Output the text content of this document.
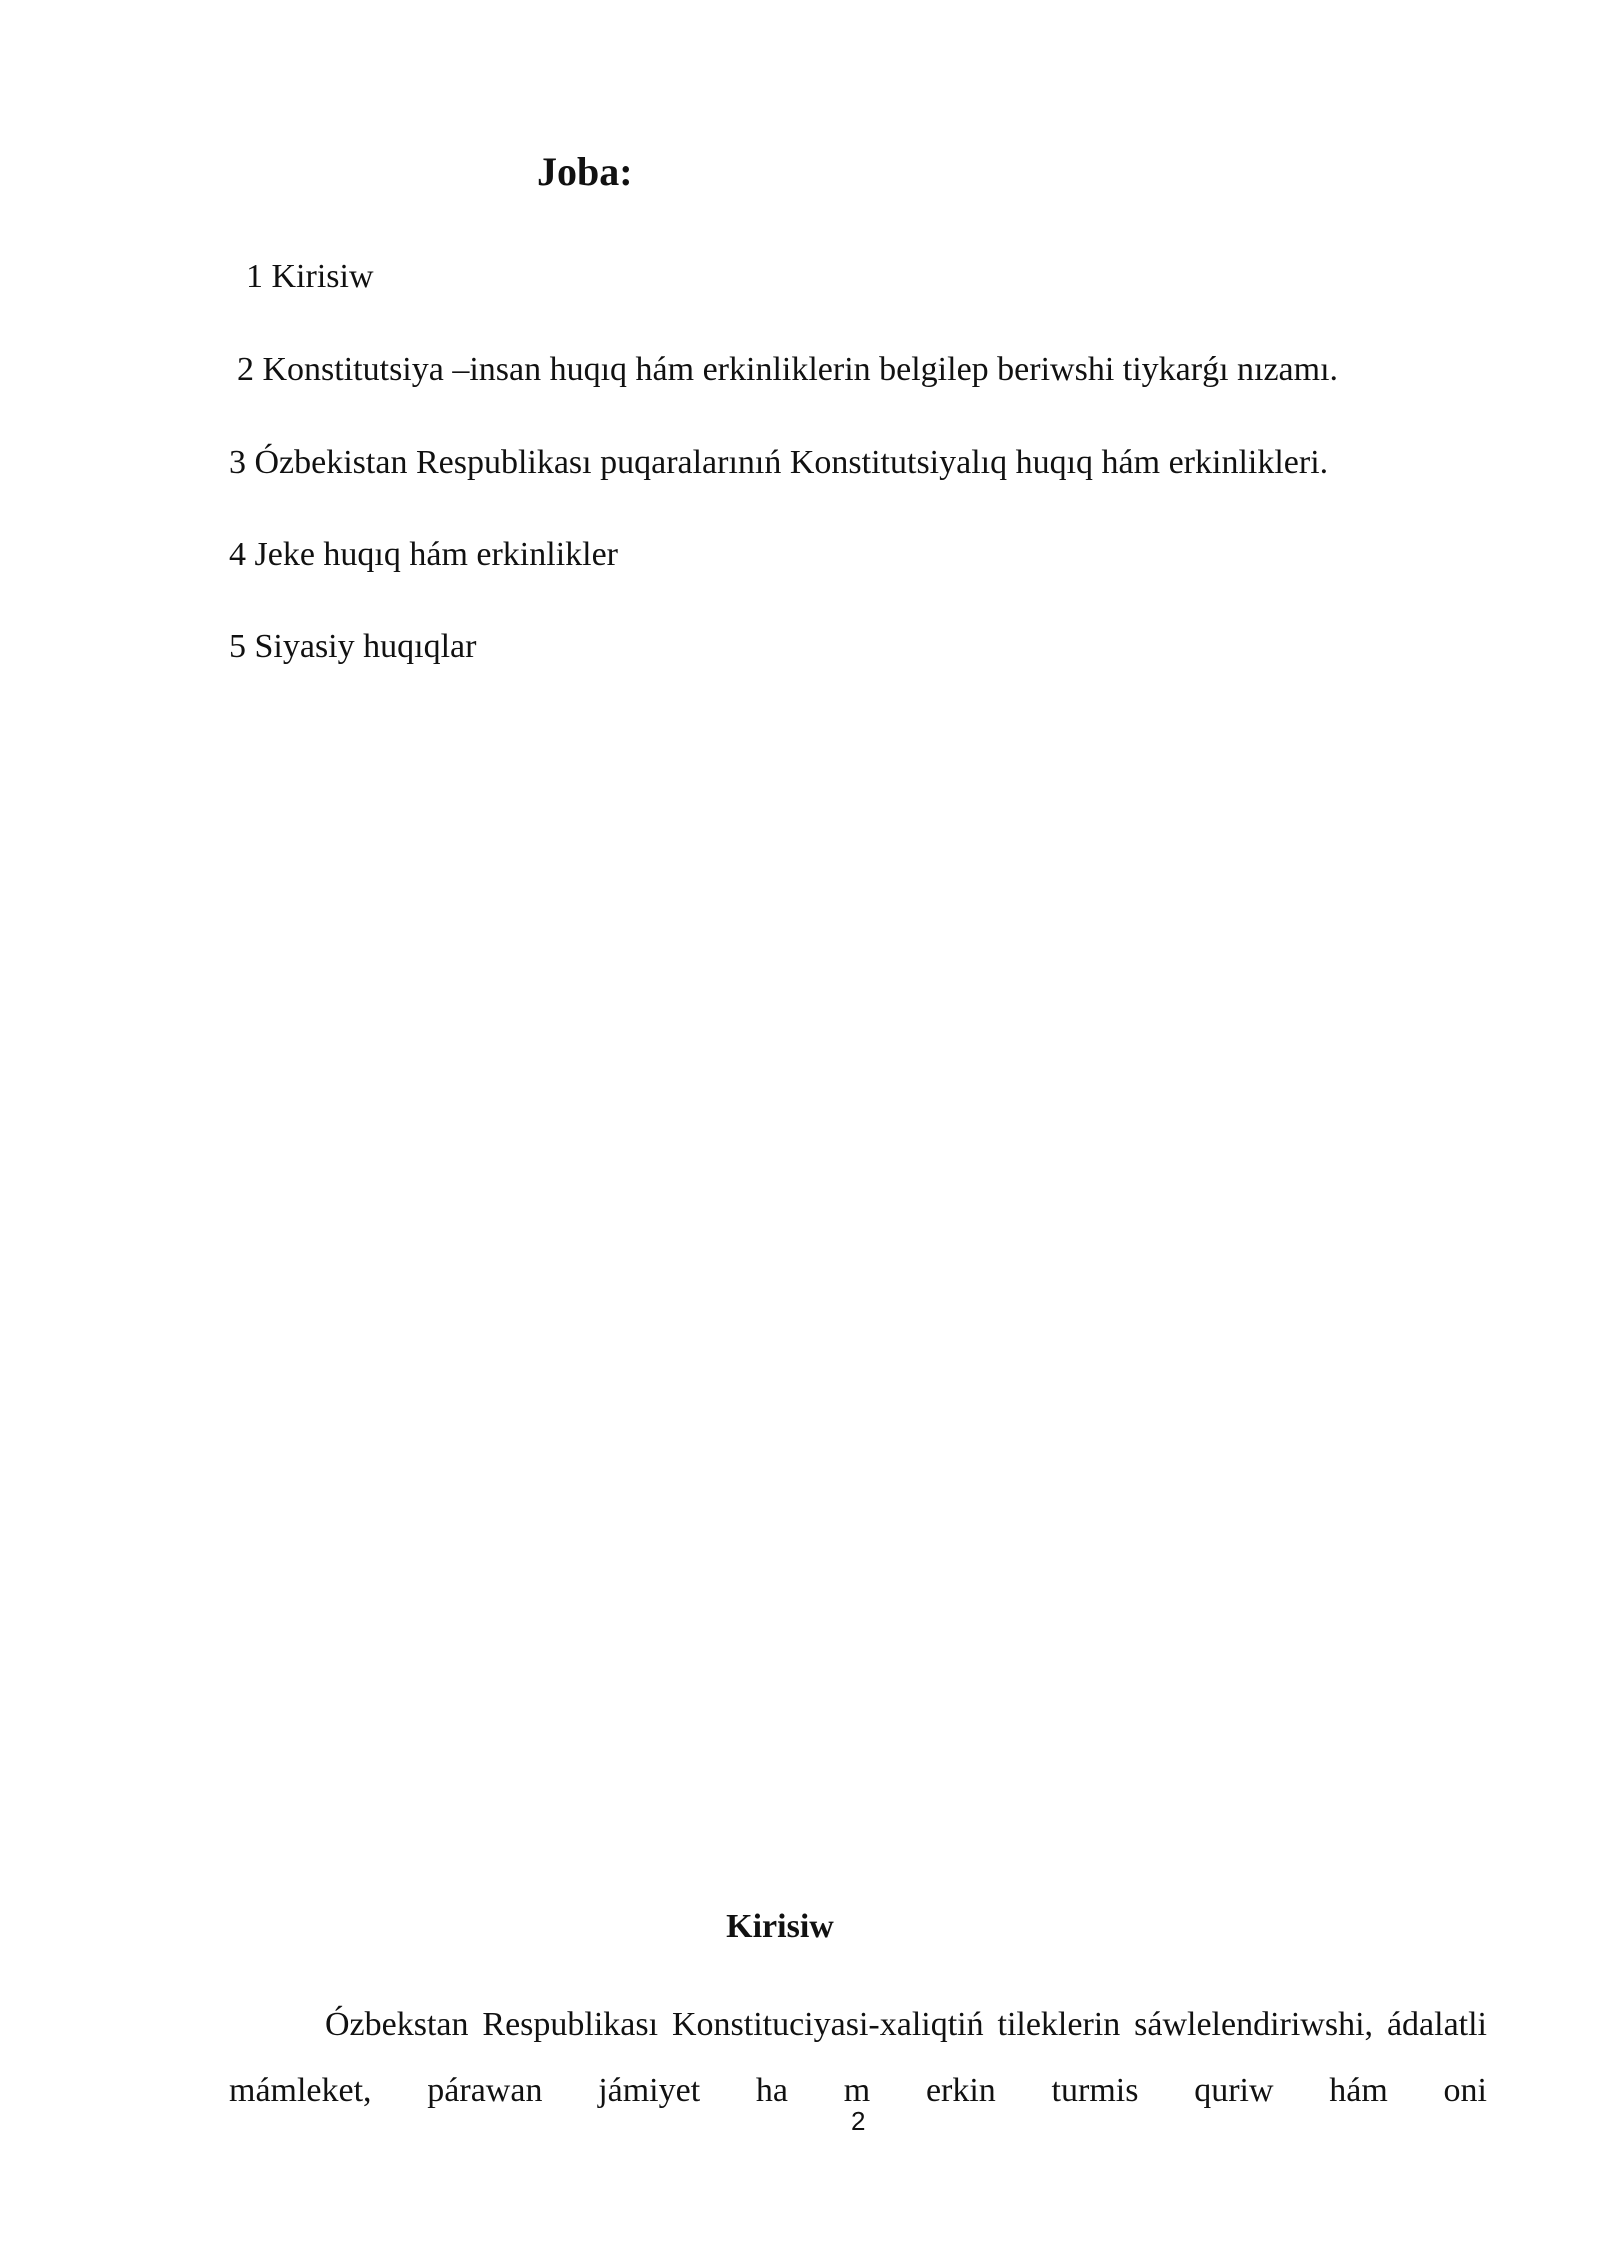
Joba:
1 Kirisiw
2 Konstitutsiya –insan huqıq hám erkinliklerin belgilep beriwshi tiykarǵı nızamı.
3 Ózbekistan Respublikası puqaralarınıń Konstitutsiyalıq huqıq hám erkinlikleri.
4 Jeke huqıq hám erkinlikler
5 Siyasiy huqıqlar
Kirisiw

Ózbekstan Respublikası Konstituciyasi-xaliqtiń tileklerin sáwlelendiriwshi, ádalatli mámleket, párawan jámiyet ha m erkin turmis quriw hám oni

2
